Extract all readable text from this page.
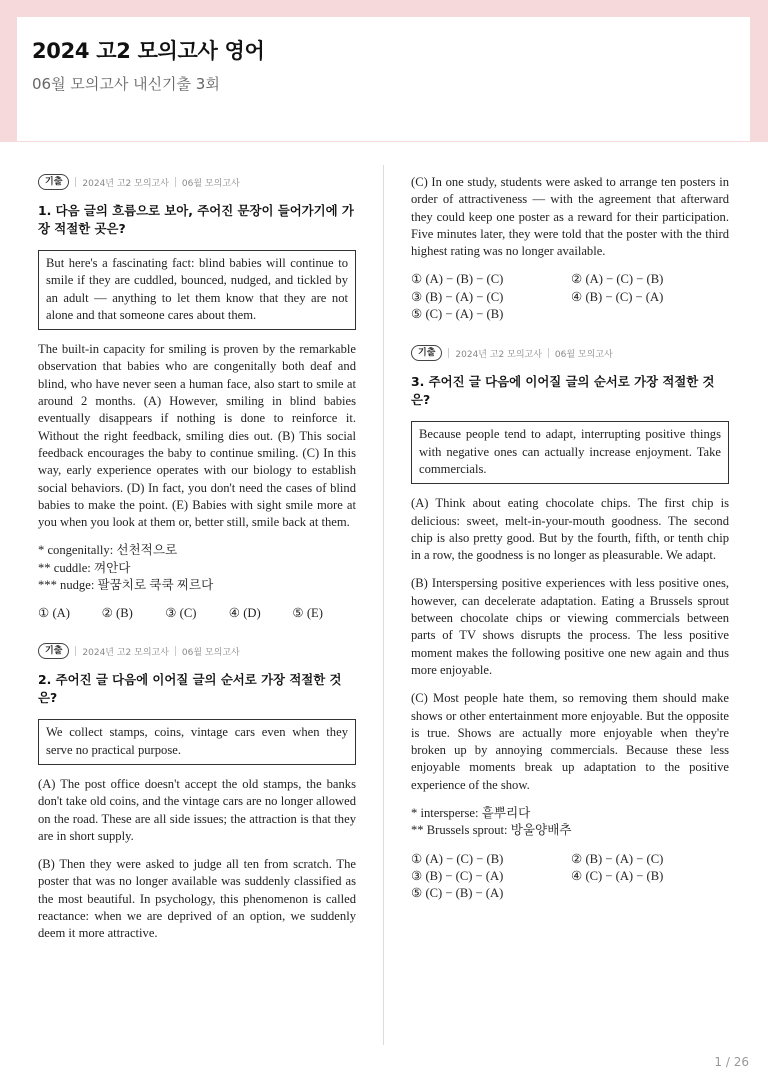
2024 고2 모의고사 영어

06월 모의고사 내신기출 3회

기출	2024년 고2 모의고사 06월 모의고사

1. 다음 글의 흐름으로 보아, 주어진 문장이 들어가기에 가장 적절한 곳은?

But here's a fascinating fact: blind babies will continue to smile if they are cuddled, bounced, nudged, and tickled by an adult — anything to let them know that they are not alone and that someone cares about them.

The built-in capacity for smiling is proven by the remarkable observation that babies who are congenitally both deaf and blind, who have never seen a human face, also start to smile at around 2 months. (A) However, smiling in blind babies eventually disappears if nothing is done to reinforce it. Without the right feedback, smiling dies out. (B) This social feedback encourages the baby to continue smiling. (C) In this way, early experience operates with our biology to establish social behaviors. (D) In fact, you don't need the cases of blind babies to make the point. (E) Babies with sight smile more at you when you look at them or, better still, smile back at them.

* congenitally: 선천적으로
** cuddle: 껴안다
*** nudge: 팔꿈치로 쿡쿡 찌르다
① (A)	② (B)	③ (C)	④ (D)	⑤ (E)
기출	2024년 고2 모의고사 06월 모의고사

2. 주어진 글 다음에 이어질 글의 순서로 가장 적절한 것은?

We collect stamps, coins, vintage cars even when they serve no practical purpose.

(A) The post office doesn't accept the old stamps, the banks don't take old coins, and the vintage cars are no longer allowed on the road. These are all side issues; the attraction is that they are in short supply.

(B) Then they were asked to judge all ten from scratch. The poster that was no longer available was suddenly classified as the most beautiful. In psychology, this phenomenon is called reactance: when we are deprived of an option, we suddenly deem it more attractive.

(C) In one study, students were asked to arrange ten posters in order of attractiveness — with the agreement that afterward they could keep one poster as a reward for their participation. Five minutes later, they were told that the poster with the third highest rating was no longer available.

① (A) − (B) − (C)	② (A) − (C) − (B)
③ (B) − (A) − (C)	④ (B) − (C) − (A)
⑤ (C) − (A) − (B)
기출	2024년 고2 모의고사 06월 모의고사

3. 주어진 글 다음에 이어질 글의 순서로 가장 적절한 것은?

Because people tend to adapt, interrupting positive things with negative ones can actually increase enjoyment. Take commercials.

(A) Think about eating chocolate chips. The first chip is delicious: sweet, melt-in-your-mouth goodness. The second chip is also pretty good. But by the fourth, fifth, or tenth chip in a row, the goodness is no longer as pleasurable. We adapt.

(B) Interspersing positive experiences with less positive ones, however, can decelerate adaptation. Eating a Brussels sprout between chocolate chips or viewing commercials between parts of TV shows disrupts the process. The less positive moment makes the following positive one new again and thus more enjoyable.

(C) Most people hate them, so removing them should make shows or other entertainment more enjoyable. But the opposite is true. Shows are actually more enjoyable when they're broken up by annoying commercials. Because these less enjoyable moments break up adaptation to the positive experience of the show.

* intersperse: 흩뿌리다
** Brussels sprout: 방울양배추
① (A) − (C) − (B)	② (B) − (A) − (C)
③ (B) − (C) − (A)	④ (C) − (A) − (B)
⑤ (C) − (B) − (A)
1 / 26
